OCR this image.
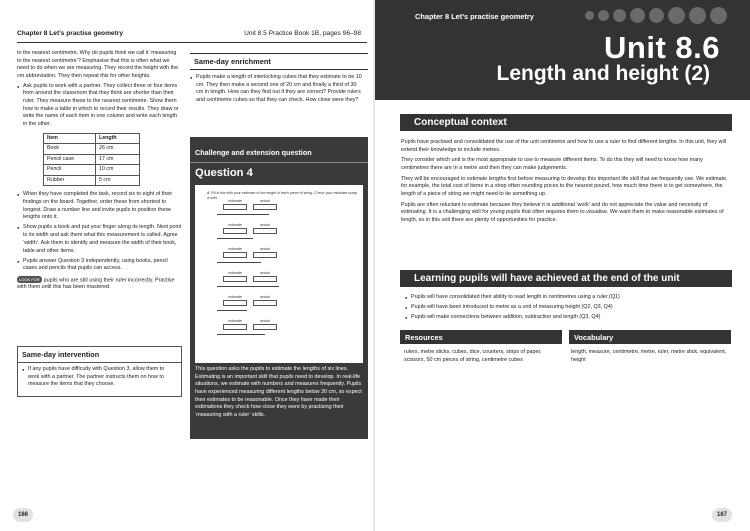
Chapter 8 Let’s practise geometry	Unit 8.5 Practice Book 1B, pages 96–98

to the nearest centimetre. Why do pupils think we call it ‘measuring to the nearest centimetre’? Emphasise that this is often what we need to do when we are measuring. They record the height with the cm abbreviation. They then repeat this for other heights.

● Ask pupils to work with a partner. They collect three or four items from around the classroom that they think are shorter than their ruler. They measure these to the nearest centimetre. Show them how to make a table in which to record their results. They draw or write the name of each item in one column and write each length in the other.
Item	Length
Book	26 cm
Pencil case	17 cm
Pencil	10 cm
Rubber	5 cm
● When they have completed the task, record six to eight of their findings on the board. Together, order these from shortest to longest. Draw a number line and invite pupils to position these lengths onto it.
● Show pupils a book and put your finger along its length. Next point to its width and ask them what this measurement is called. Agree ‘width’. Ask them to identify and measure the width of their book, table and other items.
● Pupils answer Question 3 independently, using books, pencil cases and pencils that pupils can access.

LOOK FOR pupils who are still using their ruler incorrectly. Practise with them until this has been mastered.

Same-day intervention
● If any pupils have difficulty with Question 3, allow them to work with a partner. The partner instructs them on how to measure the items that they choose.
Same-day enrichment
● Pupils make a length of interlocking cubes that they estimate to be 10 cm. They then make a second one of 20 cm and finally a third of 30 cm in length. How can they find out if they are correct? Provide rulers and centimetre cubes so that they can check. How close were they?
Challenge and extension question
Question 4
4 Fill in the with your estimate of the length of each piece of string. Check your estimate using a ruler.
estimate	actual
estimate	actual
estimate	actual
estimate	actual
estimate	actual
estimate	actual
This question asks the pupils to estimate the lengths of six lines. Estimating is an important skill that pupils need to develop. In real-life situations, we estimate with numbers and measures frequently. Pupils have experienced measuring different lengths below 30 cm, so expect their estimates to be reasonable. Once they have made their estimations they check how close they were by practising their ‘measuring with a ruler’ skills.
166
Chapter 8 Let’s practise geometry
Unit 8.6
Length and height (2)
Conceptual context

Pupils have practised and consolidated the use of the unit centimetre and how to use a ruler to find different lengths. In this unit, they will extend their knowledge to include metres.

They consider which unit is the most appropriate to use to measure different items. To do this they will need to know how many centimetres there are in a metre and then they can make judgements.

They will be encouraged to estimate lengths first before measuring to develop this important life skill that we frequently use. We estimate, for example, the total cost of items in a shop often rounding prices to the nearest pound, how much time there is to get somewhere, the length of a piece of string we might need to tie something up.

Pupils are often reluctant to estimate because they believe it is additional ‘work’ and do not appreciate the value and necessity of estimating. It is a challenging skill for young pupils that often requires them to visualise. We want them to make reasonable estimates of length, so in this unit there are plenty of opportunities for practice.

Learning pupils will have achieved at the end of the unit
● Pupils will have consolidated their ability to read length in centimetres using a ruler (Q1)
● Pupils will have been introduced to metre as a unit of measuring height (Q2, Q3, Q4)
● Pupils will make connections between addition, subtraction and length (Q3, Q4)
Resources
rulers, metre sticks, cubes, dice, counters, strips of paper, scissors, 50 cm pieces of string, centimetre cubes
Vocabulary
length, measure, centimetre, metre, ruler, metre stick, equivalent, height
167
